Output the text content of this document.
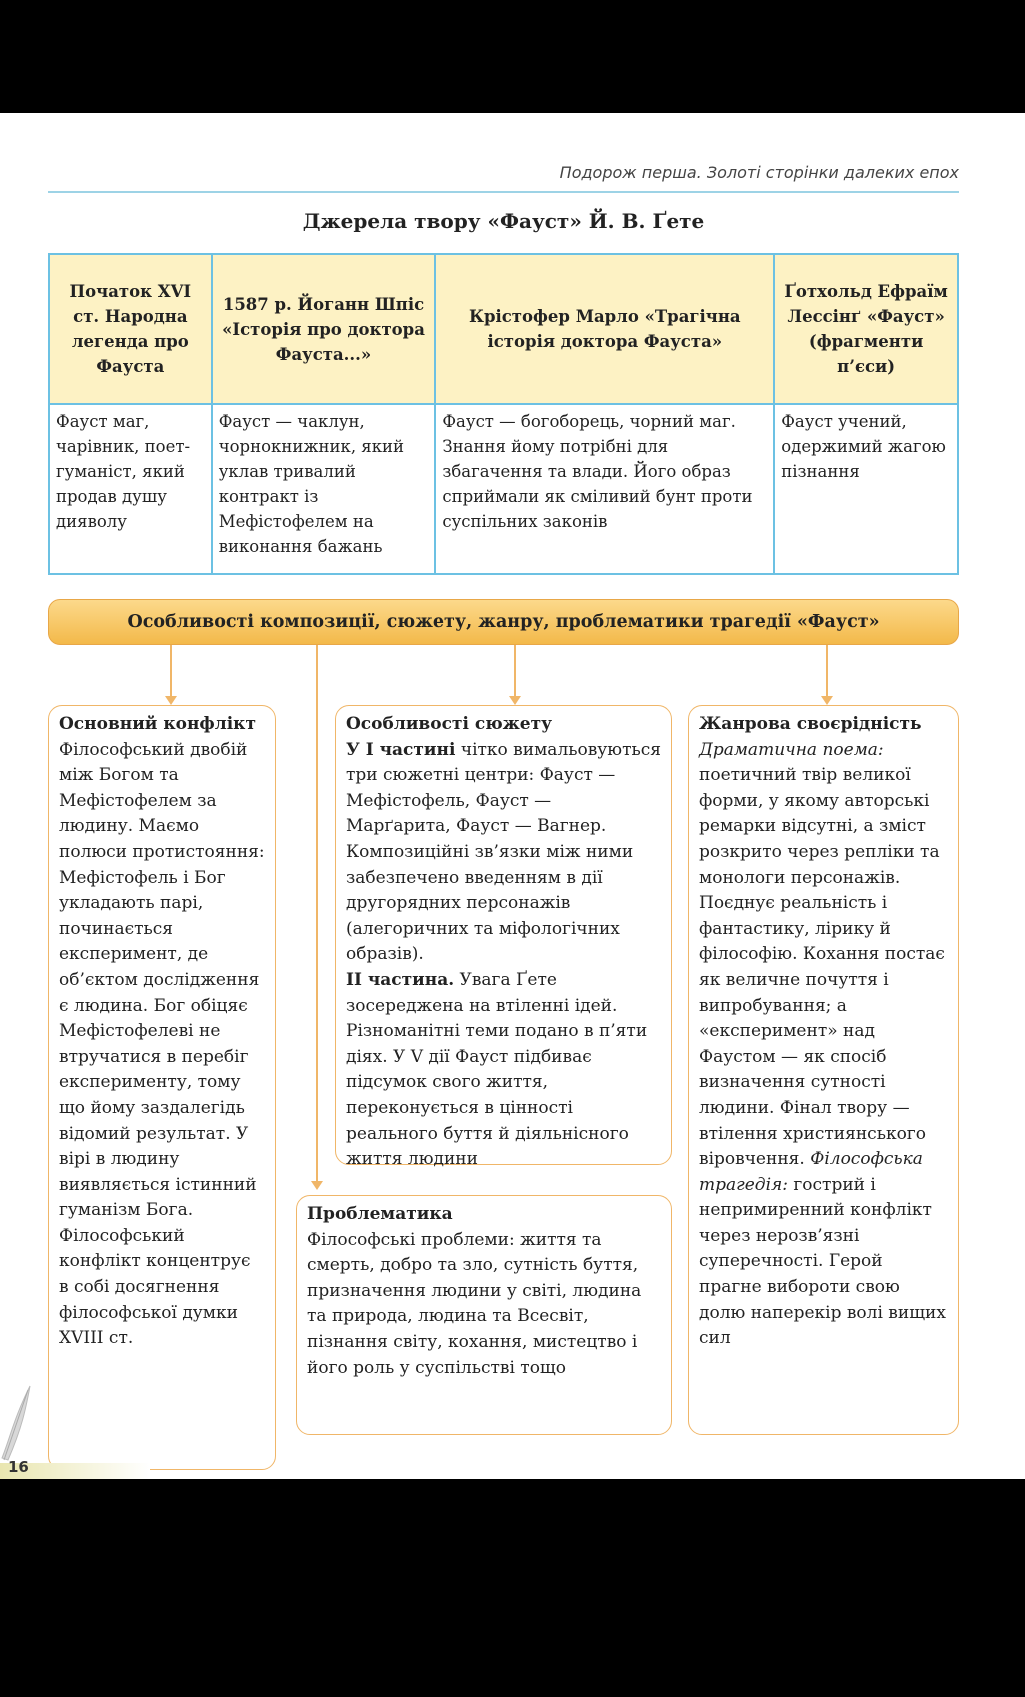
Подорож перша. Золоті сторінки далеких епох
Джерела твору «Фауст» Й. В. Ґете
Початок XVI ст. Народна легенда про Фауста	1587 р. Йоганн Шпіс «Історія про доктора Фауста...»	Крістофер Марло «Трагічна історія доктора Фауста»	Ґотхольд Ефраїм Лессінґ «Фауст» (фрагменти п’єси)
Фауст маг, чарівник, поет-гуманіст, який продав душу дияволу	Фауст — чаклун, чорнокнижник, який уклав тривалий контракт із Мефістофелем на виконання бажань	Фауст — богоборець, чорний маг. Знання йому потрібні для збагачення та влади. Його образ сприймали як сміливий бунт проти суспільних законів	Фауст учений, одержимий жагою пізнання
Особливості композиції, сюжету, жанру, проблематики трагедії «Фауст»
Основний конфлікт
Філософський двобій між Богом та Мефістофелем за людину. Маємо полюси протистояння: Мефістофель і Бог укладають парі, починається експеримент, де об’єктом дослідження є людина. Бог обіцяє Мефістофелеві не втручатися в перебіг експерименту, тому що йому заздалегідь відомий результат. У вірі в людину виявляється істинний гуманізм Бога. Філософський конфлікт концентрує в собі досягнення філософської думки XVIII ст.
Особливості сюжету
У І частині чітко вимальовуються три сюжетні центри: Фауст — Мефістофель, Фауст — Марґарита, Фауст — Вагнер. Композиційні зв’язки між ними забезпечено введенням в дії другорядних персонажів (алегоричних та міфологічних образів).
ІІ частина. Увага Ґете зосереджена на втіленні ідей. Різноманітні теми подано в п’яти діях. У V дії Фауст підбиває підсумок свого життя, переконується в цінності реального буття й діяльнісного життя людини
Проблематика
Філософські проблеми: життя та смерть, добро та зло, сутність буття, призначення людини у світі, людина та природа, людина та Всесвіт, пізнання світу, кохання, мистецтво і його роль у суспільстві тощо
Жанрова своєрідність
Драматична поема: поетичний твір великої форми, у якому авторські ремарки відсутні, а зміст розкрито через репліки та монологи персонажів. Поєднує реальність і фантастику, лірику й філософію. Кохання постає як величне почуття і випробування; а «експеримент» над Фаустом — як спосіб визначення сутності людини. Фінал твору — втілення християнського віровчення. Філософська трагедія: гострий і непримиренний конфлікт через нерозв’язні суперечності. Герой прагне вибороти свою долю наперекір волі вищих сил
16
